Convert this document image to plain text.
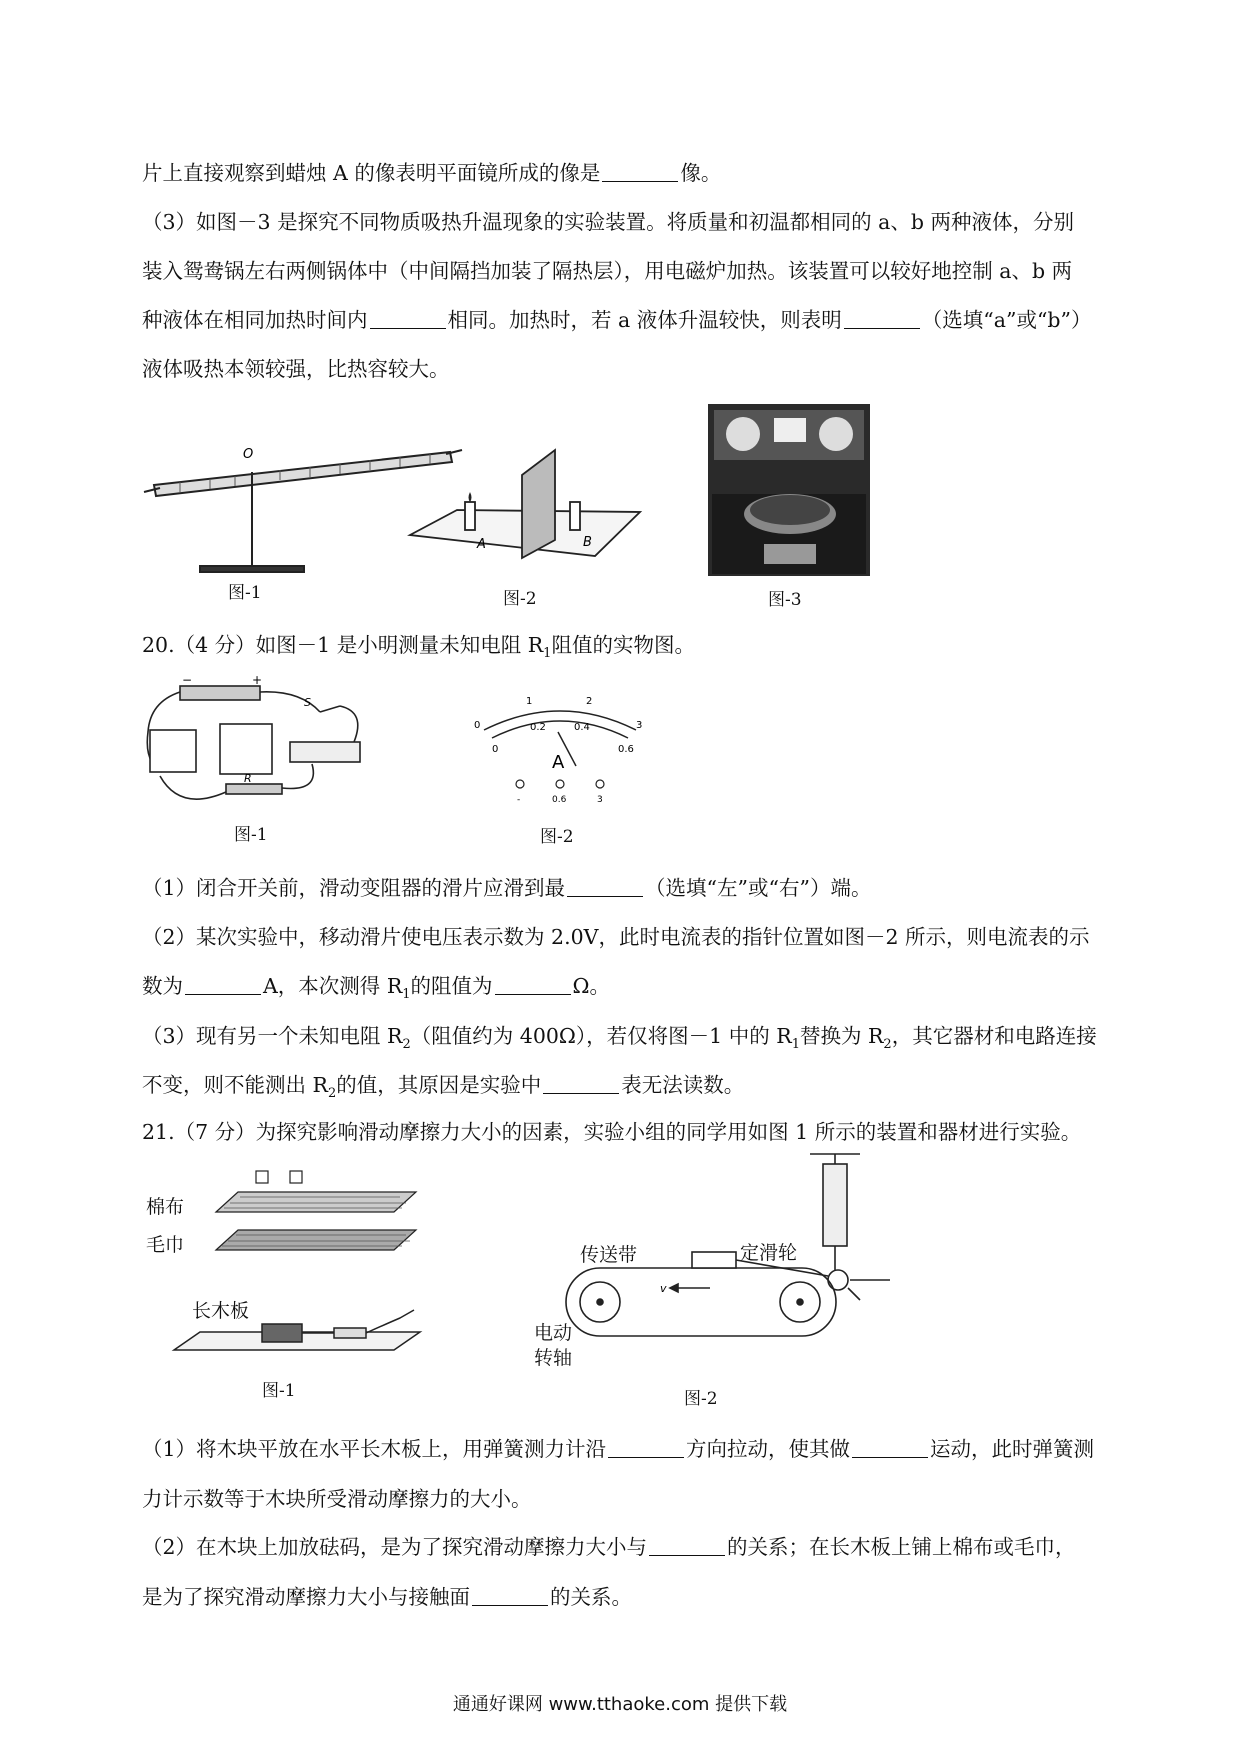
片上直接观察到蜡烛 A 的像表明平面镜所成的像是	像。
（3）如图－3 是探究不同物质吸热升温现象的实验装置。将质量和初温都相同的 a、b 两种液体，分别
装入鸳鸯锅左右两侧锅体中（中间隔挡加装了隔热层），用电磁炉加热。该装置可以较好地控制 a、b 两
种液体在相同加热时间内	相同。加热时，若 a 液体升温较快，则表明	（选填“a”或“b”）
液体吸热本领较强，比热容较大。
O
图-1
A	B
图-2	图-3
20.（4 分）如图－1 是小明测量未知电阻 $R_1$阻值的实物图。
−	+
S
R
图-1
0
1	2
3
0
0.2	0.4
0.6
A
-	0.6	3
图-2
（1）闭合开关前，滑动变阻器的滑片应滑到最	（选填“左”或“右”）端。
（2）某次实验中，移动滑片使电压表示数为 2.0V，此时电流表的指针位置如图－2 所示，则电流表的示
数为	A，本次测得 $R_1$的阻值为	Ω。
（3）现有另一个未知电阻 $R_2$（阻值约为 400Ω），若仅将图－1 中的 $R_1$替换为 $R_2$，其它器材和电路连接
不变，则不能测出 $R_2$的值，其原因是实验中	表无法读数。
21.（7 分）为探究影响滑动摩擦力大小的因素，实验小组的同学用如图 1 所示的装置和器材进行实验。
棉布
毛巾
长木板
图-1
v
传送带	定滑轮
电动
转轴
图-2
（1）将木块平放在水平长木板上，用弹簧测力计沿	方向拉动，使其做	运动，此时弹簧测
力计示数等于木块所受滑动摩擦力的大小。
（2）在木块上加放砝码，是为了探究滑动摩擦力大小与	的关系；在长木板上铺上棉布或毛巾，
是为了探究滑动摩擦力大小与接触面	的关系。
通通好课网 www.tthaoke.com 提供下载
